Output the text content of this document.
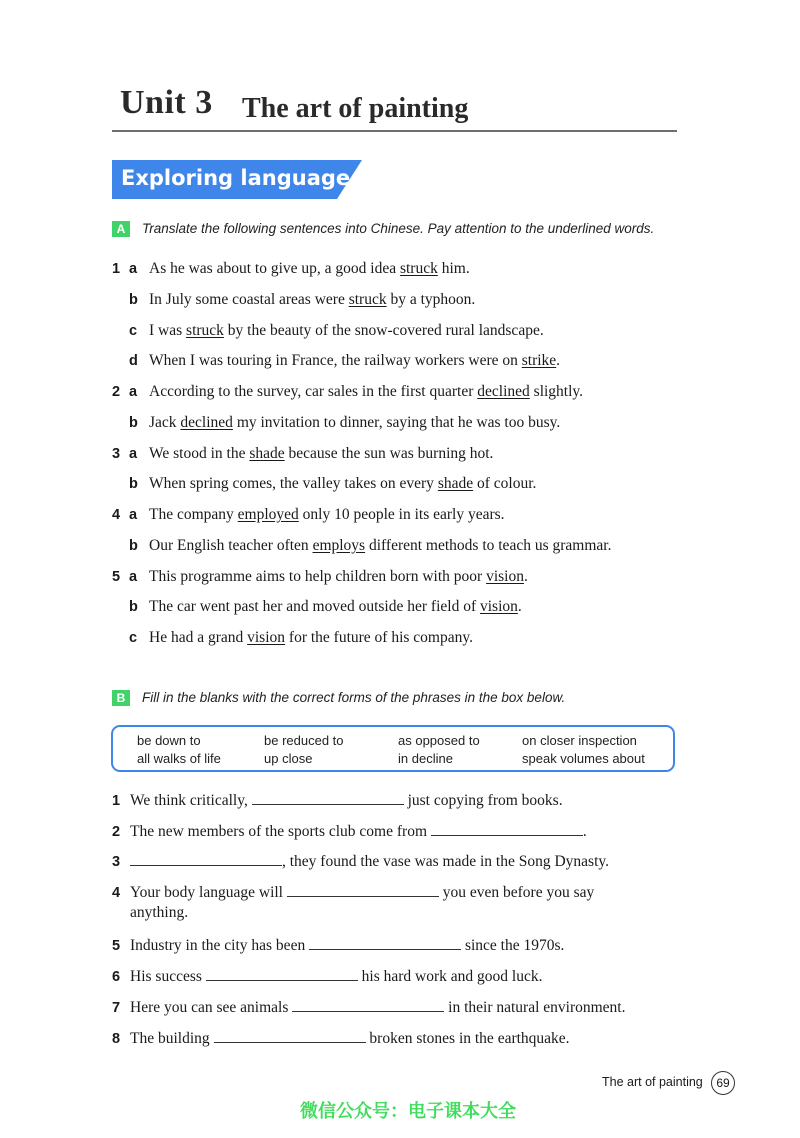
Unit 3 The art of painting
Exploring language
A	Translate the following sentences into Chinese. Pay attention to the underlined words.
1 a As he was about to give up, a good idea struck him.
b In July some coastal areas were struck by a typhoon.
c I was struck by the beauty of the snow-covered rural landscape.
d When I was touring in France, the railway workers were on strike.
2 a According to the survey, car sales in the first quarter declined slightly.
b Jack declined my invitation to dinner, saying that he was too busy.
3 a We stood in the shade because the sun was burning hot.
b When spring comes, the valley takes on every shade of colour.
4 a The company employed only 10 people in its early years.
b Our English teacher often employs different methods to teach us grammar.
5 a This programme aims to help children born with poor vision.
b The car went past her and moved outside her field of vision.
c He had a grand vision for the future of his company.
B	Fill in the blanks with the correct forms of the phrases in the box below.
be down to	be reduced to	as opposed to	on closer inspection
all walks of life	up close	in decline	speak volumes about
1 We think critically,	just copying from books.
2 The new members of the sports club come from	.
3	, they found the vase was made in the Song Dynasty.
4 Your body language will	you even before you say
anything.
5 Industry in the city has been	since the 1970s.
6 His success	his hard work and good luck.
7 Here you can see animals	in their natural environment.
8 The building	broken stones in the earthquake.
The art of painting	69
微信公众号：电子课本大全
